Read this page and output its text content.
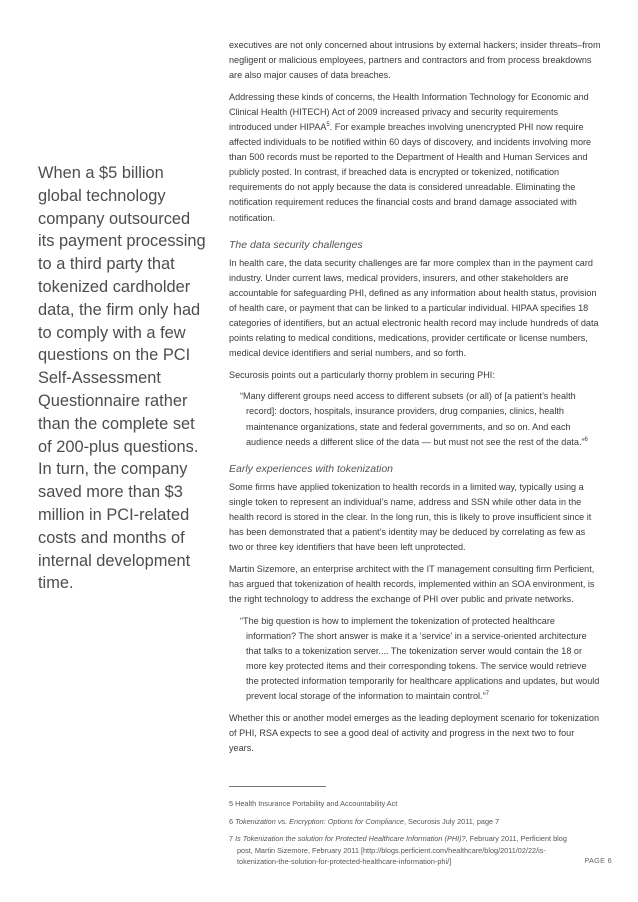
When a $5 billion global technology company outsourced its payment processing to a third party that tokenized cardholder data, the firm only had to comply with a few questions on the PCI Self-Assessment Questionnaire rather than the complete set of 200-plus questions. In turn, the company saved more than $3 million in PCI-related costs and months of internal development time.

executives are not only concerned about intrusions by external hackers; insider threats–from negligent or malicious employees, partners and contractors and from process breakdowns are also major causes of data breaches.

Addressing these kinds of concerns, the Health Information Technology for Economic and Clinical Health (HITECH) Act of 2009 increased privacy and security requirements introduced under HIPAA$^5$. For example breaches involving unencrypted PHI now require affected individuals to be notified within 60 days of discovery, and incidents involving more than 500 records must be reported to the Department of Health and Human Services and publicly posted. In contrast, if breached data is encrypted or tokenized, notification requirements do not apply because the data is considered unreadable. Eliminating the notification requirement reduces the financial costs and brand damage associated with notification.

The data security challenges

In health care, the data security challenges are far more complex than in the payment card industry. Under current laws, medical providers, insurers, and other stakeholders are accountable for safeguarding PHI, defined as any information about health status, provision of health care, or payment that can be linked to a particular individual. HIPAA specifies 18 categories of identifiers, but an actual electronic health record may include hundreds of data points relating to medical conditions, medications, provider certificate or license numbers, medical device identifiers and serial numbers, and so forth.

Securosis points out a particularly thorny problem in securing PHI:

“Many different groups need access to different subsets (or all) of [a patient’s health record]: doctors, hospitals, insurance providers, drug companies, clinics, health maintenance organizations, state and federal governments, and so on. And each audience needs a different slice of the data — but must not see the rest of the data.”$^6$

Early experiences with tokenization

Some firms have applied tokenization to health records in a limited way, typically using a single token to represent an individual’s name, address and SSN while other data in the health record is stored in the clear. In the long run, this is likely to prove insufficient since it has been demonstrated that a patient’s identity may be deduced by correlating as few as two or three key identifiers that have been left unprotected.

Martin Sizemore, an enterprise architect with the IT management consulting firm Perficient, has argued that tokenization of health records, implemented within an SOA environment, is the right technology to address the exchange of PHI over public and private networks.

“The big question is how to implement the tokenization of protected healthcare information? The short answer is make it a ‘service’ in a service-oriented architecture that talks to a tokenization server.... The tokenization server would contain the 18 or more key protected items and their corresponding tokens. The service would retrieve the protected information temporarily for healthcare applications and updates, but would prevent local storage of the information to maintain control.”$^7$

Whether this or another model emerges as the leading deployment scenario for tokenization of PHI, RSA expects to see a good deal of activity and progress in the next two to four years.

5 Health Insurance Portability and Accountability Act

6 Tokenization vs. Encryption: Options for Compliance, Securosis July 2011, page 7

7 Is Tokenization the solution for Protected Healthcare Information (PHI)?, February 2011, Perficient blog post, Martin Sizemore, February 2011 [http://blogs.perficient.com/healthcare/blog/2011/02/22/is-tokenization-the-solution-for-protected-healthcare-information-phi/]	PAGE 6
